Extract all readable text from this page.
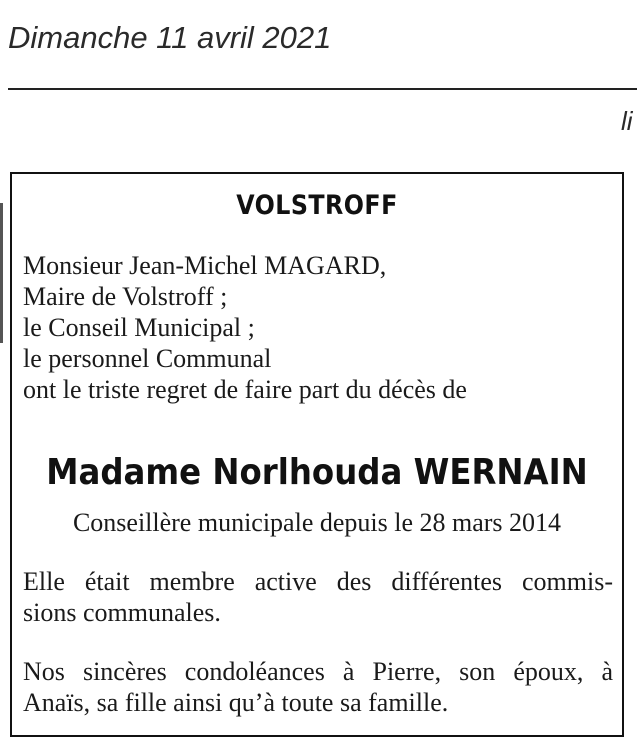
Dimanche 11 avril 2021
li
VOLSTROFF
Monsieur Jean-Michel MAGARD,
Maire de Volstroff ;
le Conseil Municipal ;
le personnel Communal
ont le triste regret de faire part du décès de
Madame Norlhouda WERNAIN
Conseillère municipale depuis le 28 mars 2014
Elle était membre active des différentes commis-
sions communales.
Nos sincères condoléances à Pierre, son époux, à
Anaïs, sa fille ainsi qu’à toute sa famille.
